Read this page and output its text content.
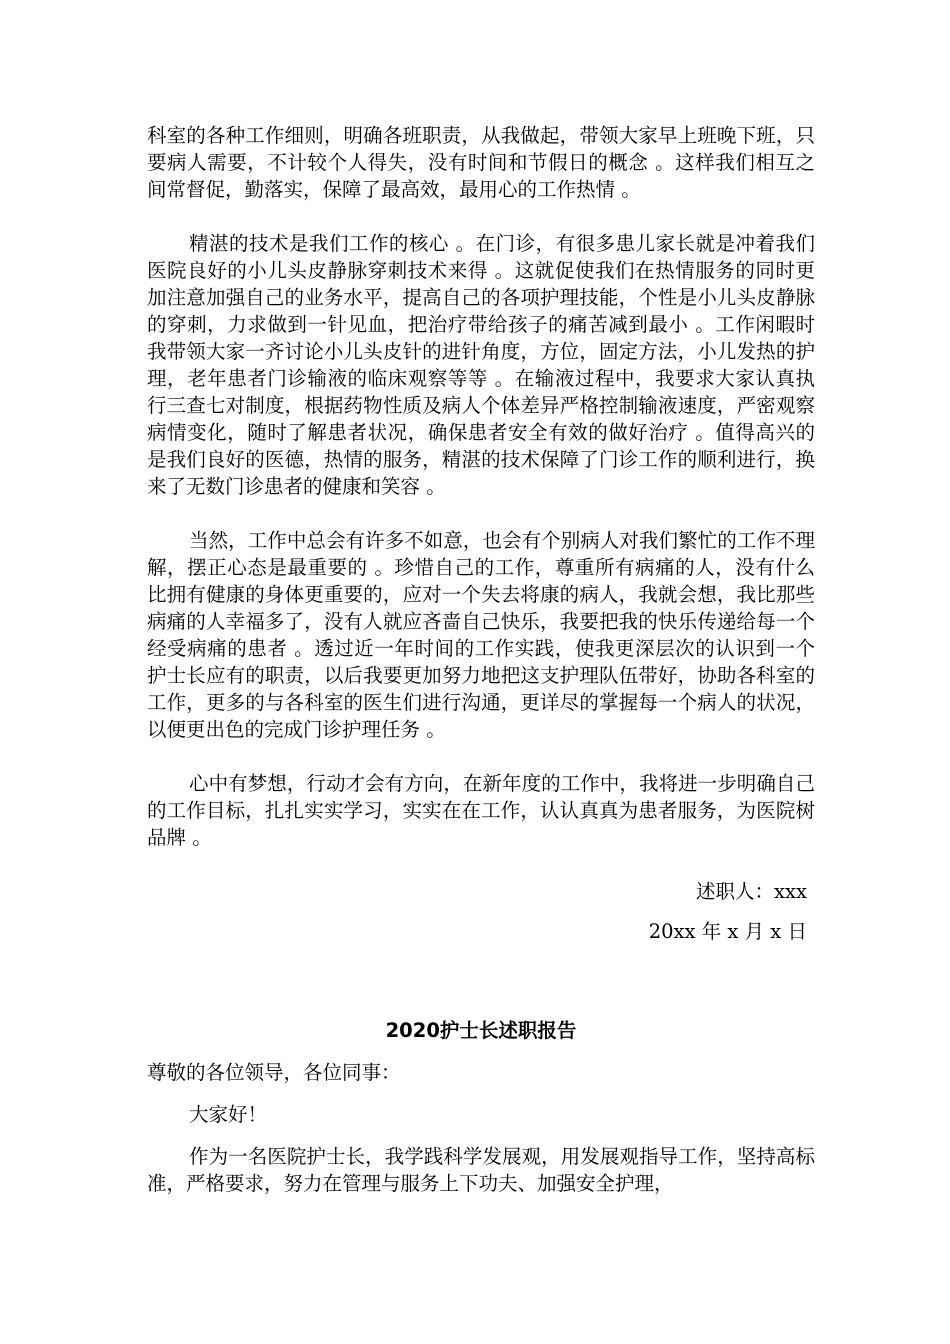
科室的各种工作细则，明确各班职责，从我做起，带领大家早上班晚下班，只要病人需要，不计较个人得失，没有时间和节假日的概念 。这样我们相互之间常督促，勤落实，保障了最高效，最用心的工作热情 。

精湛的技术是我们工作的核心 。在门诊，有很多患儿家长就是冲着我们医院良好的小儿头皮静脉穿刺技术来得 。这就促使我们在热情服务的同时更加注意加强自己的业务水平，提高自己的各项护理技能，个性是小儿头皮静脉的穿刺，力求做到一针见血，把治疗带给孩子的痛苦减到最小 。工作闲暇时我带领大家一齐讨论小儿头皮针的进针角度，方位，固定方法，小儿发热的护理，老年患者门诊输液的临床观察等等 。在输液过程中，我要求大家认真执行三查七对制度，根据药物性质及病人个体差异严格控制输液速度，严密观察病情变化，随时了解患者状况，确保患者安全有效的做好治疗 。值得高兴的是我们良好的医德，热情的服务，精湛的技术保障了门诊工作的顺利进行，换来了无数门诊患者的健康和笑容 。

当然，工作中总会有许多不如意，也会有个别病人对我们繁忙的工作不理解，摆正心态是最重要的 。珍惜自己的工作，尊重所有病痛的人，没有什么比拥有健康的身体更重要的，应对一个失去将康的病人，我就会想，我比那些病痛的人幸福多了，没有人就应吝啬自己快乐，我要把我的快乐传递给每一个经受病痛的患者 。透过近一年时间的工作实践，使我更深层次的认识到一个护士长应有的职责，以后我要更加努力地把这支护理队伍带好，协助各科室的工作，更多的与各科室的医生们进行沟通，更详尽的掌握每一个病人的状况，以便更出色的完成门诊护理任务 。

心中有梦想，行动才会有方向，在新年度的工作中，我将进一步明确自己的工作目标，扎扎实实学习，实实在在工作，认认真真为患者服务，为医院树品牌 。

述职人：xxx

20xx 年 x 月 x 日

2020护士长述职报告

尊敬的各位领导，各位同事：

大家好！

作为一名医院护士长，我学践科学发展观，用发展观指导工作，坚持高标准，严格要求，努力在管理与服务上下功夫、加强安全护理，
